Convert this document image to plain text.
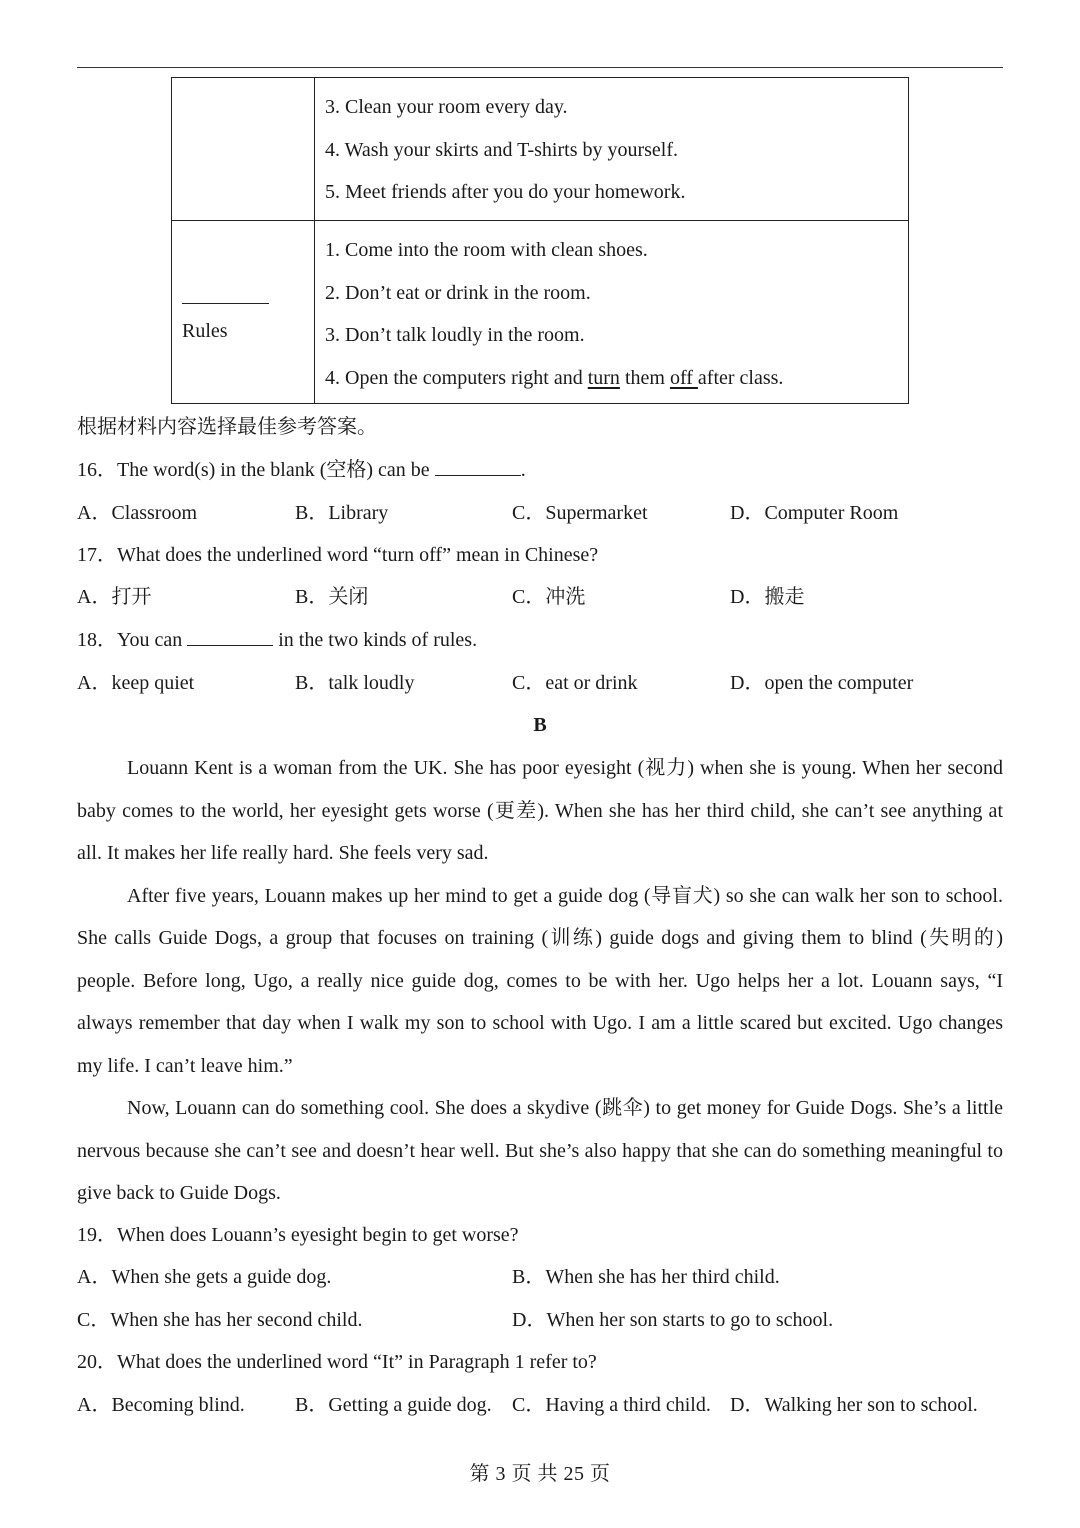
	3. Clean your room every day.
4. Wash your skirts and T-shirts by yourself.
5. Meet friends after you do your homework.

Rules	1. Come into the room with clean shoes.
2. Don’t eat or drink in the room.
3. Don’t talk loudly in the room.
4. Open the computers right and turn them off after class.
根据材料内容选择最佳参考答案。
16．The word(s) in the blank (空格) can be	.
A．Classroom	B．Library	C．Supermarket	D．Computer Room
17．What does the underlined word “turn off” mean in Chinese?
A．打开	B．关闭	C．冲洗	D．搬走
18．You can	in the two kinds of rules.
A．keep quiet	B．talk loudly	C．eat or drink	D．open the computer
B

Louann Kent is a woman from the UK. She has poor eyesight (视力) when she is young. When her second baby comes to the world, her eyesight gets worse (更差). When she has her third child, she can’t see anything at all. It makes her life really hard. She feels very sad.

After five years, Louann makes up her mind to get a guide dog (导盲犬) so she can walk her son to school. She calls Guide Dogs, a group that focuses on training (训练) guide dogs and giving them to blind (失明的) people. Before long, Ugo, a really nice guide dog, comes to be with her. Ugo helps her a lot. Louann says, “I always remember that day when I walk my son to school with Ugo. I am a little scared but excited. Ugo changes my life. I can’t leave him.”

Now, Louann can do something cool. She does a skydive (跳伞) to get money for Guide Dogs. She’s a little nervous because she can’t see and doesn’t hear well. But she’s also happy that she can do something meaningful to give back to Guide Dogs.

19．When does Louann’s eyesight begin to get worse?
A．When she gets a guide dog.	B．When she has her third child.
C．When she has her second child.	D．When her son starts to go to school.
20．What does the underlined word “It” in Paragraph 1 refer to?
A．Becoming blind.	B．Getting a guide dog. C．Having a third child. D．Walking her son to school.
第 3 页 共 25 页
